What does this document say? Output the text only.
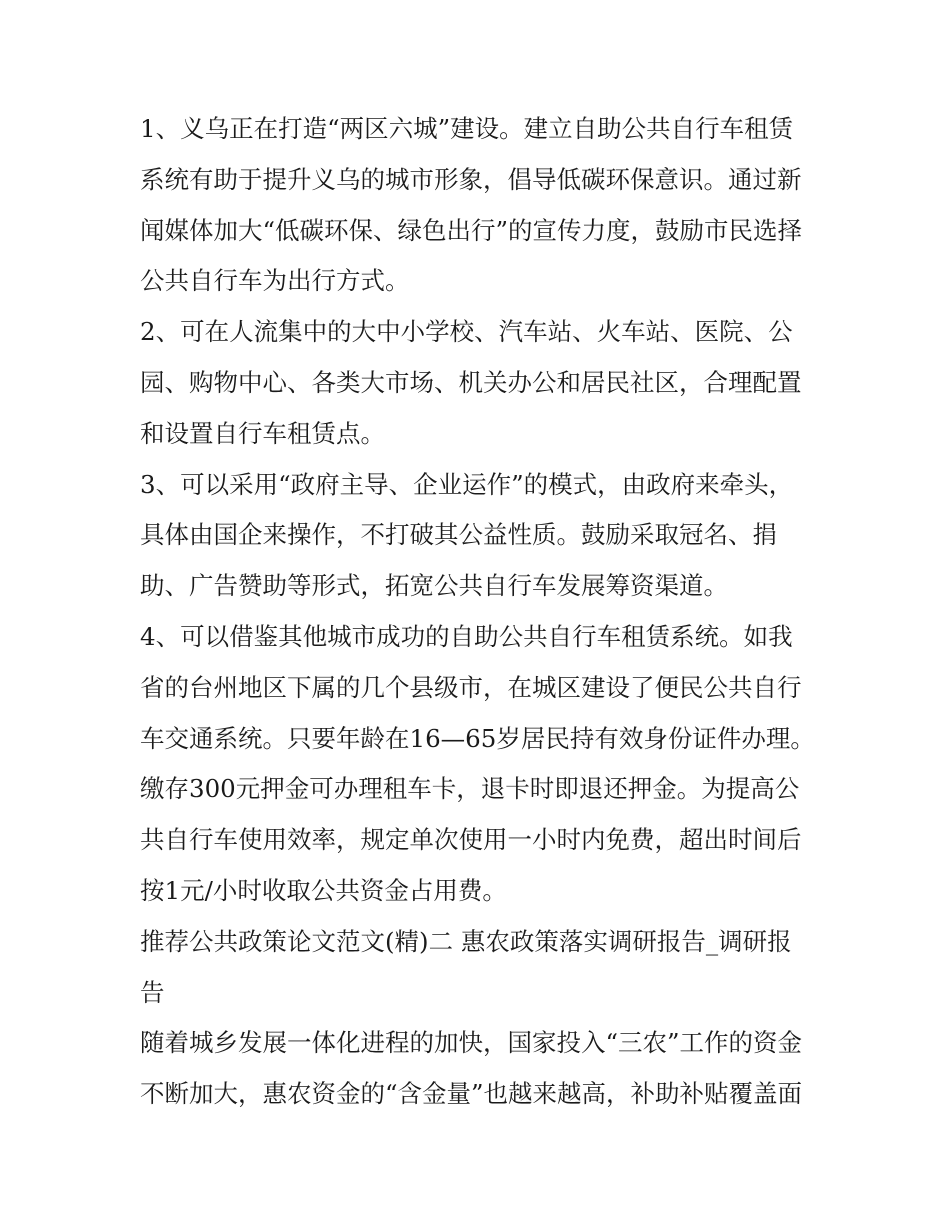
1、义乌正在打造“两区六城”建设。建立自助公共自行车租赁系统有助于提升义乌的城市形象，倡导低碳环保意识。通过新闻媒体加大“低碳环保、绿色出行”的宣传力度，鼓励市民选择公共自行车为出行方式。

2、可在人流集中的大中小学校、汽车站、火车站、医院、公园、购物中心、各类大市场、机关办公和居民社区，合理配置和设置自行车租赁点。

3、可以采用“政府主导、企业运作”的模式，由政府来牵头，具体由国企来操作，不打破其公益性质。鼓励采取冠名、捐助、广告赞助等形式，拓宽公共自行车发展筹资渠道。

4、可以借鉴其他城市成功的自助公共自行车租赁系统。如我省的台州地区下属的几个县级市，在城区建设了便民公共自行车交通系统。只要年龄在16—65岁居民持有效身份证件办理。缴存300元押金可办理租车卡，退卡时即退还押金。为提高公共自行车使用效率，规定单次使用一小时内免费，超出时间后按1元/小时收取公共资金占用费。

推荐公共政策论文范文(精)二 惠农政策落实调研报告_调研报告

随着城乡发展一体化进程的加快，国家投入“三农”工作的资金不断加大，惠农资金的“含金量”也越来越高，补助补贴覆盖面
